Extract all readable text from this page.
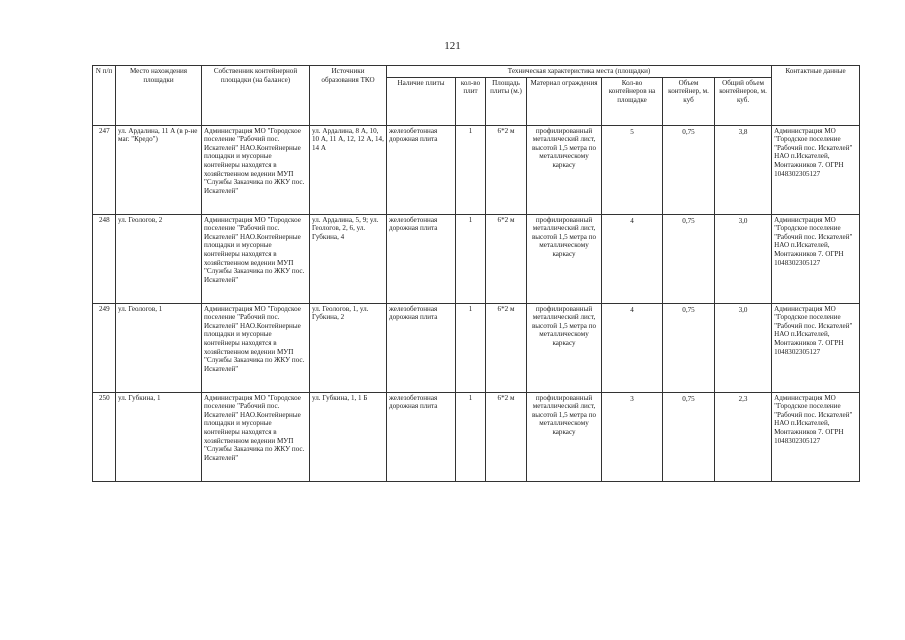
121
N п/п	Место нахождения площадки	Собственник контейнерной площадки (на балансе)	Источники образования ТКО	Техническая характеристика места (площадки)							Контактные данные
				Наличие плиты	кол-во плит	Площадь плиты (м.)	Материал ограждения	Кол-во контейнеров на площадке	Объем контейнер, м. куб	Общий объем контейнеров, м. куб.	
247	ул. Ардалина, 11 А (в р-не маг. "Кредо")	Администрация МО "Городское поселение "Рабочий пос. Искателей" НАО.Контейнерные площадки и мусорные контейнеры находятся в хозяйственном ведении МУП "Службы Заказчика по ЖКУ пос. Искателей"	ул. Ардалина, 8 А, 10, 10 А, 11 А, 12, 12 А, 14, 14 А	железобетонная дорожная плита	1	6*2 м	профилированный металлический лист, высотой 1,5 метра по металлическому каркасу	5	0,75	3,8	Администрация МО "Городское поселение "Рабочий пос. Искателей" НАО п.Искателей, Монтажников 7. ОГРН 1048302305127
248	ул. Геологов, 2	Администрация МО "Городское поселение "Рабочий пос. Искателей" НАО.Контейнерные площадки и мусорные контейнеры находятся в хозяйственном ведении МУП "Службы Заказчика по ЖКУ пос. Искателей"	ул. Ардалина, 5, 9; ул. Геологов, 2, 6, ул. Губкина, 4	железобетонная дорожная плита	1	6*2 м	профилированный металлический лист, высотой 1,5 метра по металлическому каркасу	4	0,75	3,0	Администрация МО "Городское поселение "Рабочий пос. Искателей" НАО п.Искателей, Монтажников 7. ОГРН 1048302305127
249	ул. Геологов, 1	Администрация МО "Городское поселение "Рабочий пос. Искателей" НАО.Контейнерные площадки и мусорные контейнеры находятся в хозяйственном ведении МУП "Службы Заказчика по ЖКУ пос. Искателей"	ул. Геологов, 1, ул. Губкина, 2	железобетонная дорожная плита	1	6*2 м	профилированный металлический лист, высотой 1,5 метра по металлическому каркасу	4	0,75	3,0	Администрация МО "Городское поселение "Рабочий пос. Искателей" НАО п.Искателей, Монтажников 7. ОГРН 1048302305127
250	ул. Губкина, 1	Администрация МО "Городское поселение "Рабочий пос. Искателей" НАО.Контейнерные площадки и мусорные контейнеры находятся в хозяйственном ведении МУП "Службы Заказчика по ЖКУ пос. Искателей"	ул. Губкина, 1, 1 Б	железобетонная дорожная плита	1	6*2 м	профилированный металлический лист, высотой 1,5 метра по металлическому каркасу	3	0,75	2,3	Администрация МО "Городское поселение "Рабочий пос. Искателей" НАО п.Искателей, Монтажников 7. ОГРН 1048302305127
